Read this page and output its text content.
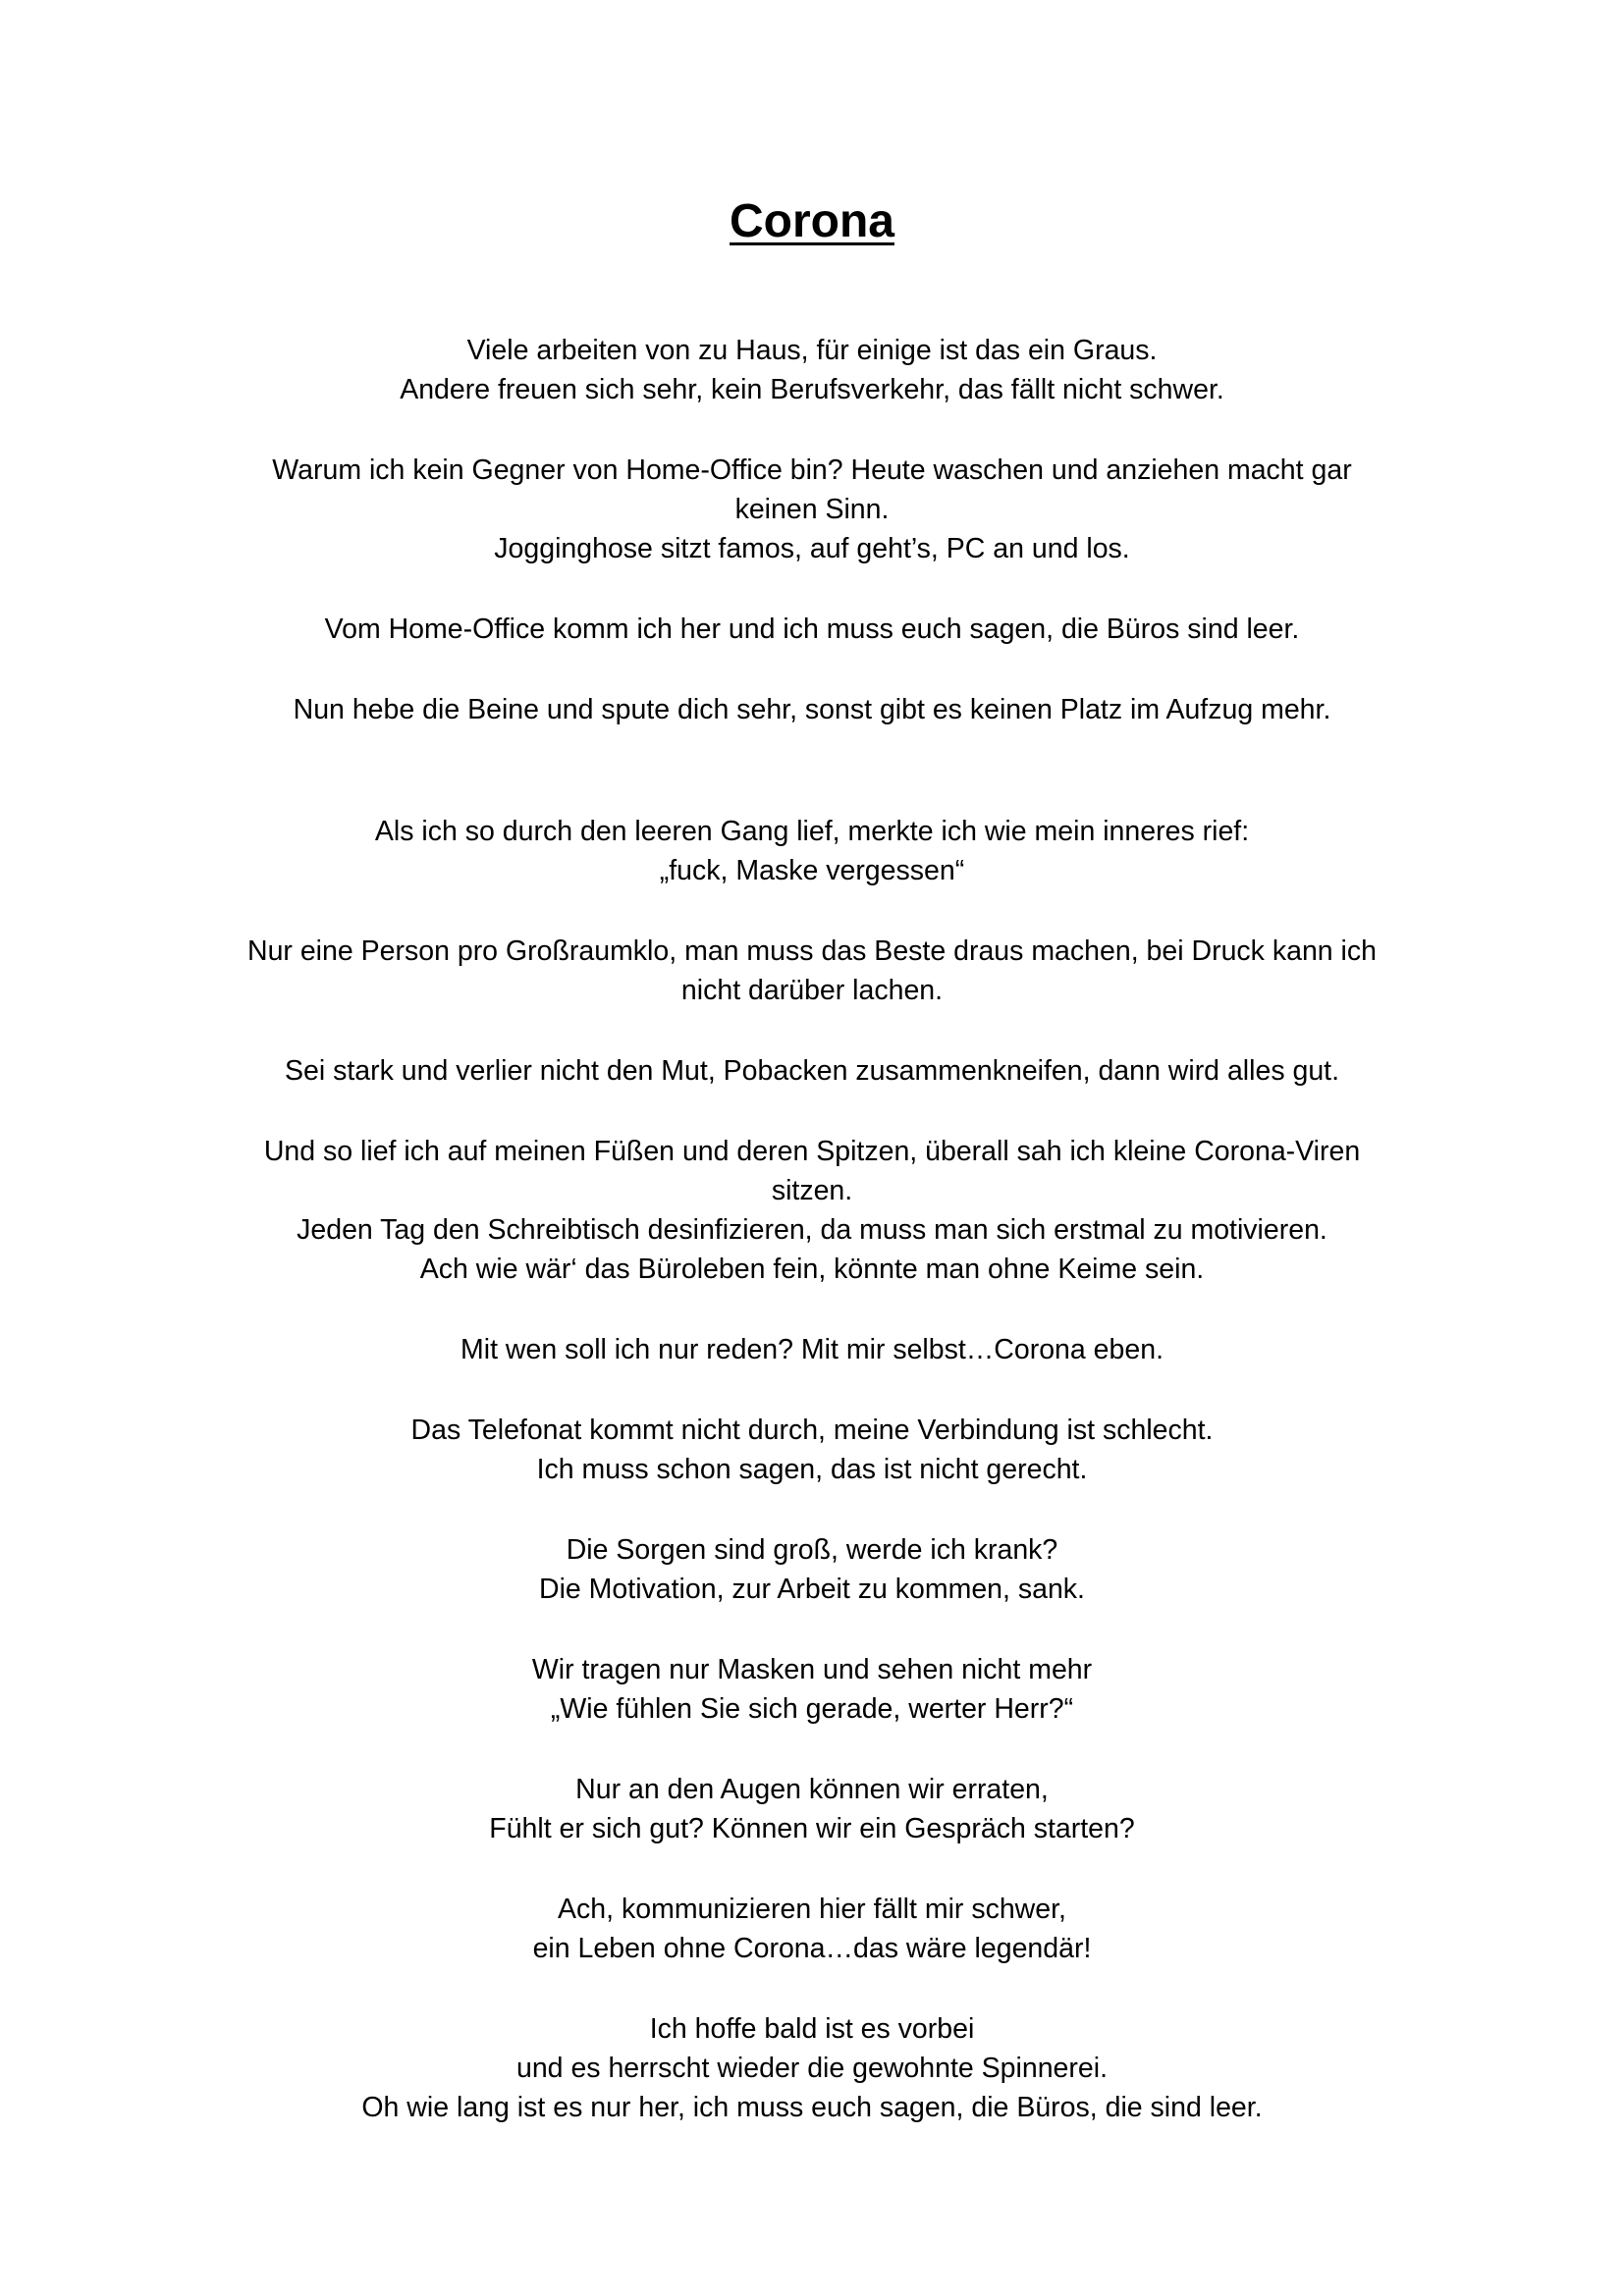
Corona
Viele arbeiten von zu Haus, für einige ist das ein Graus.
Andere freuen sich sehr, kein Berufsverkehr, das fällt nicht schwer.
Warum ich kein Gegner von Home-Office bin? Heute waschen und anziehen macht gar
keinen Sinn.
Jogginghose sitzt famos, auf geht’s, PC an und los.
Vom Home-Office komm ich her und ich muss euch sagen, die Büros sind leer.
Nun hebe die Beine und spute dich sehr, sonst gibt es keinen Platz im Aufzug mehr.
Als ich so durch den leeren Gang lief, merkte ich wie mein inneres rief:
„fuck, Maske vergessen“
Nur eine Person pro Großraumklo, man muss das Beste draus machen, bei Druck kann ich
nicht darüber lachen.
Sei stark und verlier nicht den Mut, Pobacken zusammenkneifen, dann wird alles gut.
Und so lief ich auf meinen Füßen und deren Spitzen, überall sah ich kleine Corona-Viren
sitzen.
Jeden Tag den Schreibtisch desinfizieren, da muss man sich erstmal zu motivieren.
Ach wie wär‘ das Büroleben fein, könnte man ohne Keime sein.
Mit wen soll ich nur reden? Mit mir selbst…Corona eben.
Das Telefonat kommt nicht durch, meine Verbindung ist schlecht.
Ich muss schon sagen, das ist nicht gerecht.
Die Sorgen sind groß, werde ich krank?
Die Motivation, zur Arbeit zu kommen, sank.
Wir tragen nur Masken und sehen nicht mehr
„Wie fühlen Sie sich gerade, werter Herr?“
Nur an den Augen können wir erraten,
Fühlt er sich gut? Können wir ein Gespräch starten?
Ach, kommunizieren hier fällt mir schwer,
ein Leben ohne Corona…das wäre legendär!
Ich hoffe bald ist es vorbei
und es herrscht wieder die gewohnte Spinnerei.
Oh wie lang ist es nur her, ich muss euch sagen, die Büros, die sind leer.
